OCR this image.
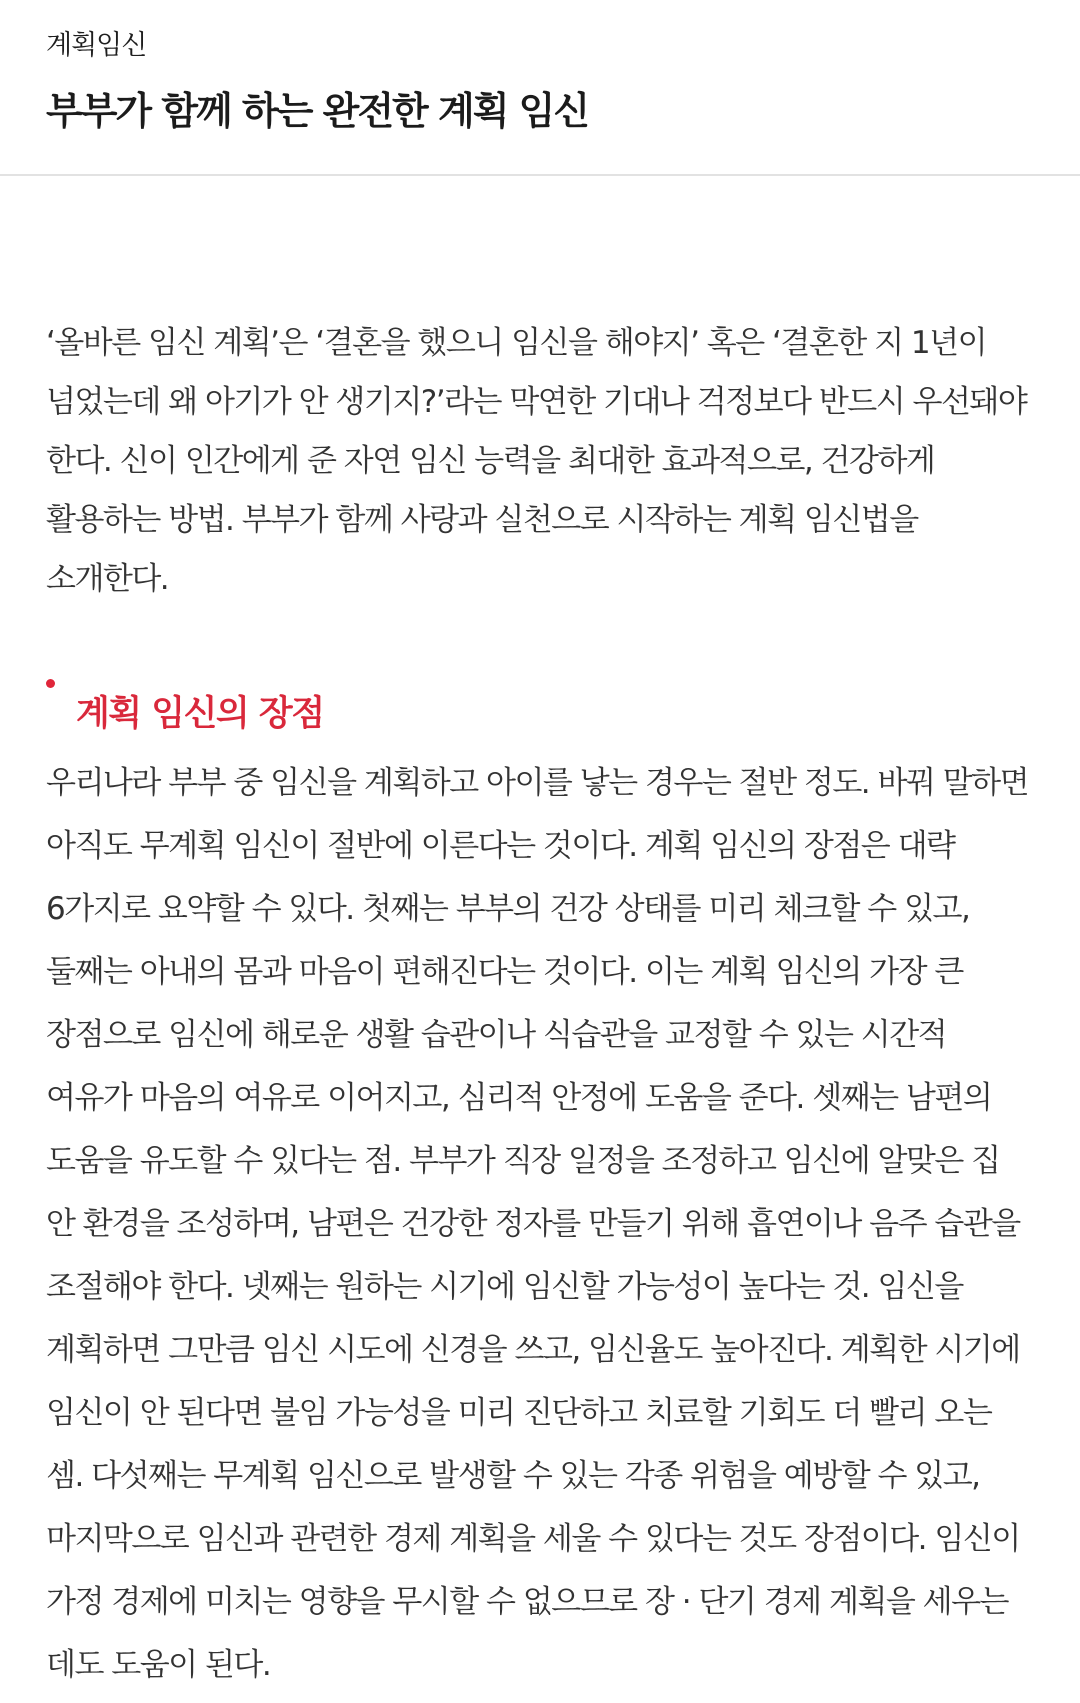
계획임신
부부가 함께 하는 완전한 계획 임신

‘올바른 임신 계획’은 ‘결혼을 했으니 임신을 해야지’ 혹은 ‘결혼한 지 1년이 넘었는데 왜 아기가 안 생기지?’라는 막연한 기대나 걱정보다 반드시 우선돼야 한다. 신이 인간에게 준 자연 임신 능력을 최대한 효과적으로, 건강하게 활용하는 방법. 부부가 함께 사랑과 실천으로 시작하는 계획 임신법을 소개한다.

계획 임신의 장점

우리나라 부부 중 임신을 계획하고 아이를 낳는 경우는 절반 정도. 바꿔 말하면 아직도 무계획 임신이 절반에 이른다는 것이다. 계획 임신의 장점은 대략 6가지로 요약할 수 있다. 첫째는 부부의 건강 상태를 미리 체크할 수 있고, 둘째는 아내의 몸과 마음이 편해진다는 것이다. 이는 계획 임신의 가장 큰 장점으로 임신에 해로운 생활 습관이나 식습관을 교정할 수 있는 시간적 여유가 마음의 여유로 이어지고, 심리적 안정에 도움을 준다. 셋째는 남편의 도움을 유도할 수 있다는 점. 부부가 직장 일정을 조정하고 임신에 알맞은 집 안 환경을 조성하며, 남편은 건강한 정자를 만들기 위해 흡연이나 음주 습관을 조절해야 한다. 넷째는 원하는 시기에 임신할 가능성이 높다는 것. 임신을 계획하면 그만큼 임신 시도에 신경을 쓰고, 임신율도 높아진다. 계획한 시기에 임신이 안 된다면 불임 가능성을 미리 진단하고 치료할 기회도 더 빨리 오는 셈. 다섯째는 무계획 임신으로 발생할 수 있는 각종 위험을 예방할 수 있고, 마지막으로 임신과 관련한 경제 계획을 세울 수 있다는 것도 장점이다. 임신이 가정 경제에 미치는 영향을 무시할 수 없으므로 장 · 단기 경제 계획을 세우는 데도 도움이 된다.
